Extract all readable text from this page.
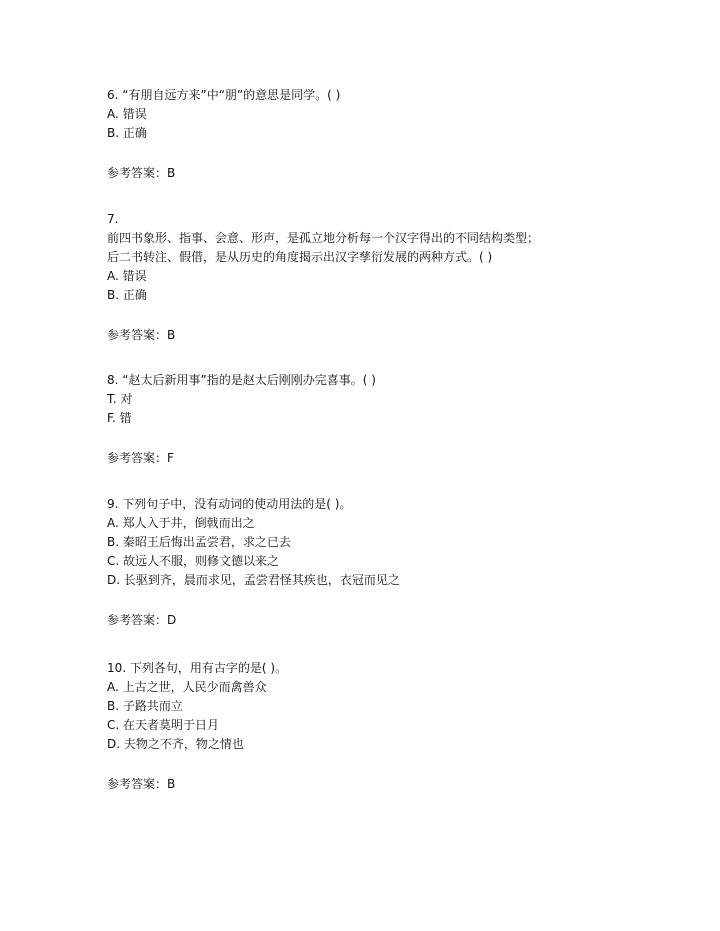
6. “有朋自远方来”中“朋”的意思是同学。( )
A. 错误
B. 正确
参考答案：B
7.
前四书象形、指事、会意、形声，是孤立地分析每一个汉字得出的不同结构类型；
后二书转注、假借，是从历史的角度揭示出汉字孳衍发展的两种方式。( )
A. 错误
B. 正确
参考答案：B
8. “赵太后新用事”指的是赵太后刚刚办完喜事。( )
T. 对
F. 错
参考答案：F
9. 下列句子中，没有动词的使动用法的是( )。
A. 郑人入于井，倒戟而出之
B. 秦昭王后悔出孟尝君，求之已去
C. 故远人不服，则修文德以来之
D. 长驱到齐，晨而求见，孟尝君怪其疾也，衣冠而见之
参考答案：D
10. 下列各句，用有古字的是( )。
A. 上古之世，人民少而禽兽众
B. 子路共而立
C. 在天者莫明于日月
D. 夫物之不齐，物之情也
参考答案：B
